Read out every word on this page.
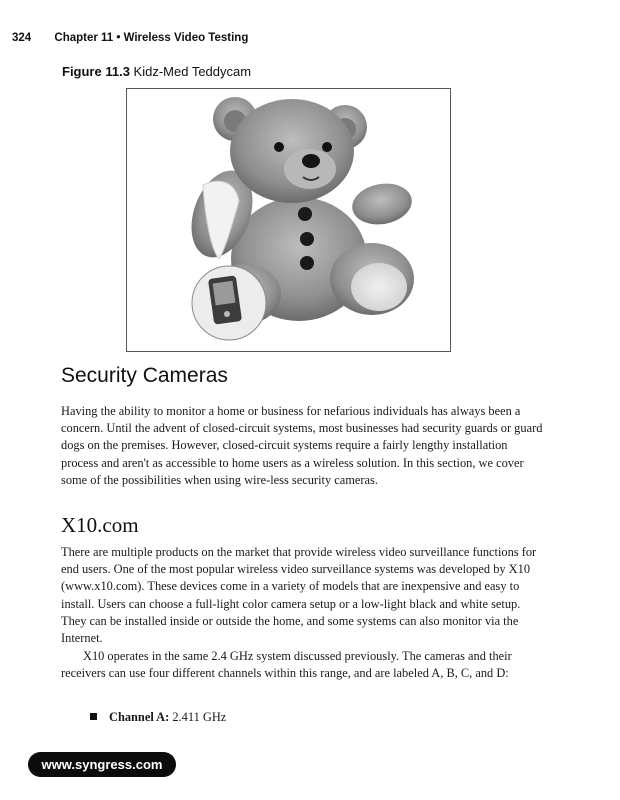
324 Chapter 11 • Wireless Video Testing
Figure 11.3 Kidz-Med Teddycam
Security Cameras

Having the ability to monitor a home or business for nefarious individuals has always been a concern. Until the advent of closed-circuit systems, most businesses had security guards or guard dogs on the premises. However, closed-circuit systems require a fairly lengthy installation process and aren't as accessible to home users as a wireless solution. In this section, we cover some of the possibilities when using wire-less security cameras.

X10.com

There are multiple products on the market that provide wireless video surveillance functions for end users. One of the most popular wireless video surveillance systems was developed by X10 (www.x10.com). These devices come in a variety of models that are inexpensive and easy to install. Users can choose a full-light color camera setup or a low-light black and white setup. They can be installed inside or outside the home, and some systems can also monitor via the Internet.

X10 operates in the same 2.4 GHz system discussed previously. The cameras and their receivers can use four different channels within this range, and are labeled A, B, C, and D:

Channel A: 2.411 GHz
www.syngress.com
